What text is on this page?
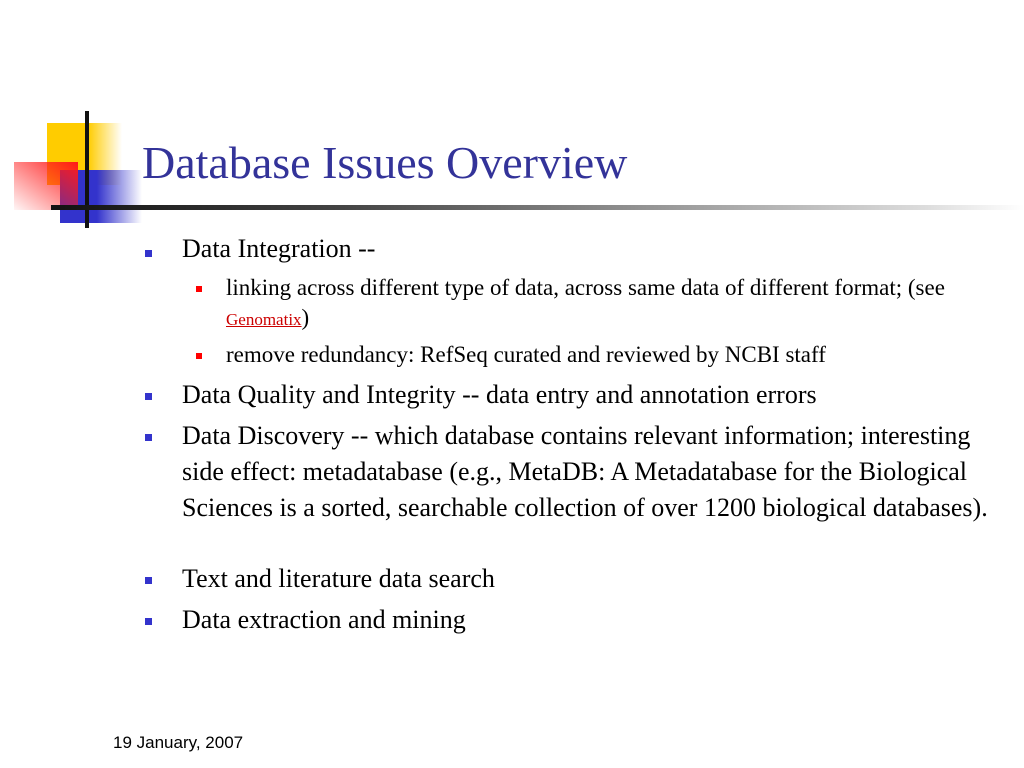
Database Issues Overview
Data Integration --
linking across different type of data, across same data of different format; (see Genomatix)
remove redundancy: RefSeq curated and reviewed by NCBI staff
Data Quality and Integrity -- data entry and annotation errors
Data Discovery -- which database contains relevant information; interesting side effect: metadatabase (e.g., MetaDB: A Metadatabase for the Biological Sciences is a sorted, searchable collection of over 1200 biological databases).
Text and literature data search
Data extraction and mining
19 January, 2007
